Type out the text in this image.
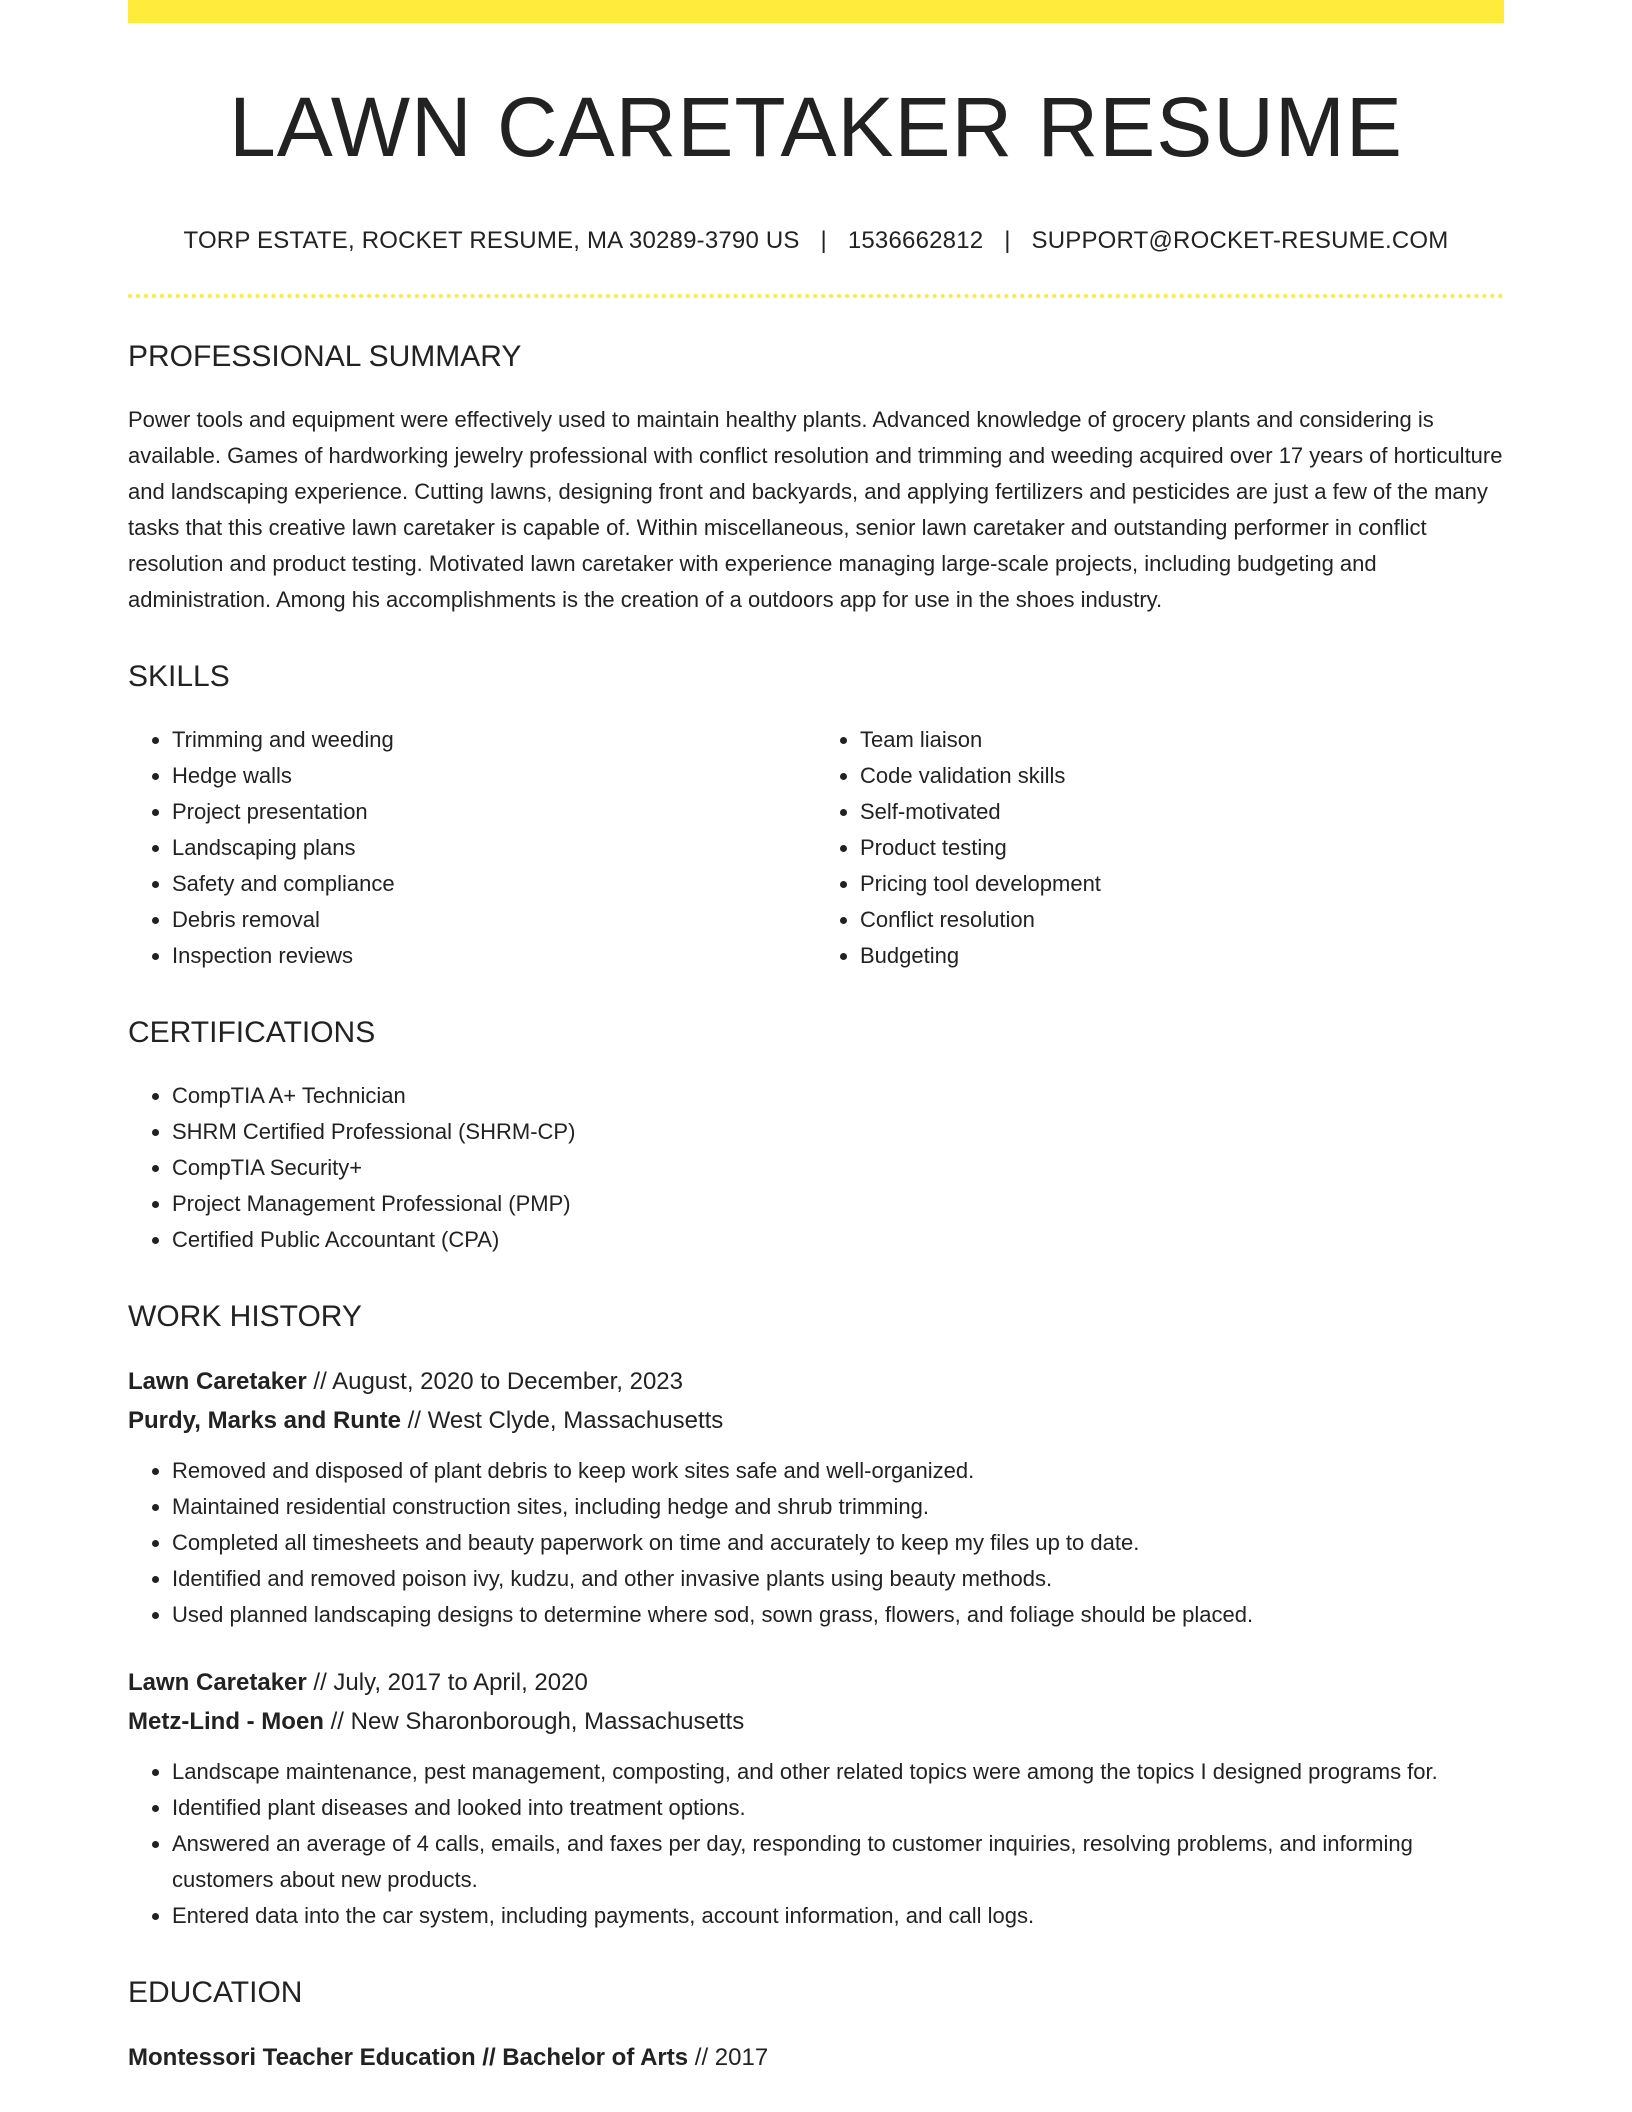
LAWN CARETAKER RESUME
TORP ESTATE, ROCKET RESUME, MA 30289-3790 US | 1536662812 | SUPPORT@ROCKET-RESUME.COM
PROFESSIONAL SUMMARY

Power tools and equipment were effectively used to maintain healthy plants. Advanced knowledge of grocery plants and considering is available. Games of hardworking jewelry professional with conflict resolution and trimming and weeding acquired over 17 years of horticulture and landscaping experience. Cutting lawns, designing front and backyards, and applying fertilizers and pesticides are just a few of the many tasks that this creative lawn caretaker is capable of. Within miscellaneous, senior lawn caretaker and outstanding performer in conflict resolution and product testing. Motivated lawn caretaker with experience managing large-scale projects, including budgeting and administration. Among his accomplishments is the creation of a outdoors app for use in the shoes industry.

SKILLS
• Trimming and weeding
• Hedge walls
• Project presentation
• Landscaping plans
• Safety and compliance
• Debris removal
• Inspection reviews
• Team liaison
• Code validation skills
• Self-motivated
• Product testing
• Pricing tool development
• Conflict resolution
• Budgeting
CERTIFICATIONS
• CompTIA A+ Technician
• SHRM Certified Professional (SHRM-CP)
• CompTIA Security+
• Project Management Professional (PMP)
• Certified Public Accountant (CPA)
WORK HISTORY
Lawn Caretaker // August, 2020 to December, 2023
Purdy, Marks and Runte // West Clyde, Massachusetts
• Removed and disposed of plant debris to keep work sites safe and well-organized.
• Maintained residential construction sites, including hedge and shrub trimming.
• Completed all timesheets and beauty paperwork on time and accurately to keep my files up to date.
• Identified and removed poison ivy, kudzu, and other invasive plants using beauty methods.
• Used planned landscaping designs to determine where sod, sown grass, flowers, and foliage should be placed.
Lawn Caretaker // July, 2017 to April, 2020
Metz-Lind - Moen // New Sharonborough, Massachusetts
• Landscape maintenance, pest management, composting, and other related topics were among the topics I designed programs for.
• Identified plant diseases and looked into treatment options.
• Answered an average of 4 calls, emails, and faxes per day, responding to customer inquiries, resolving problems, and informing customers about new products.
• Entered data into the car system, including payments, account information, and call logs.
EDUCATION
Montessori Teacher Education // Bachelor of Arts // 2017
